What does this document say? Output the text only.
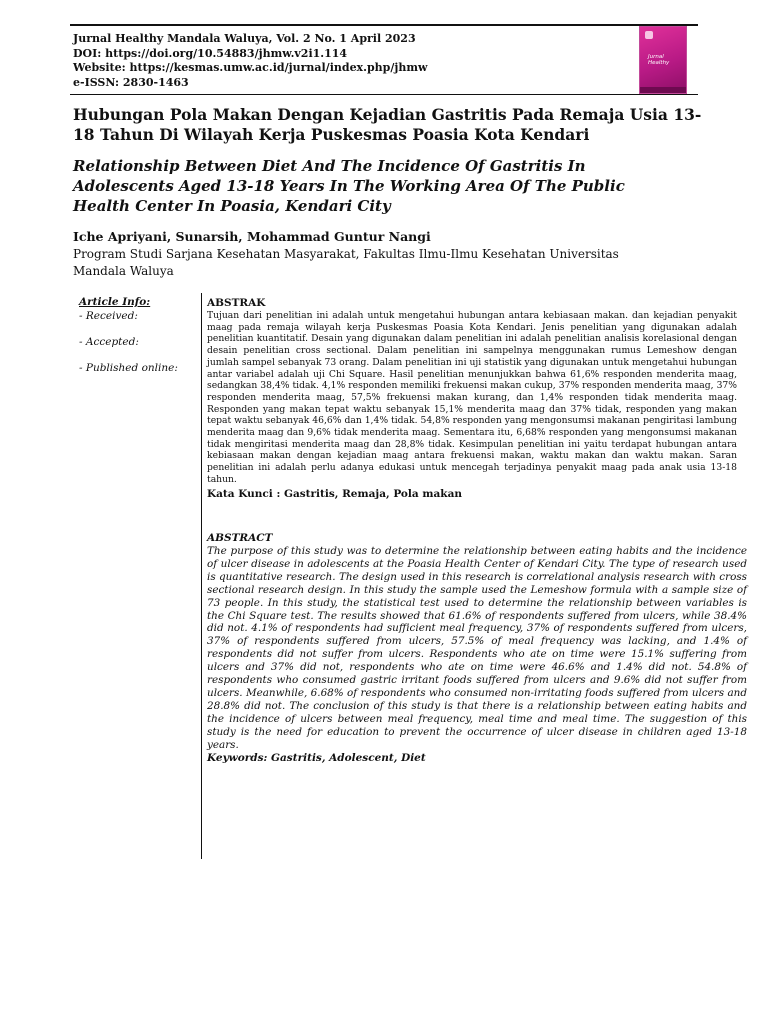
Jurnal Healthy Mandala Waluya, Vol. 2 No. 1 April 2023
DOI: https://doi.org/10.54883/jhmw.v2i1.114
Website: https://kesmas.umw.ac.id/jurnal/index.php/jhmw
e-ISSN: 2830-1463
Jurnal Healthy
Hubungan Pola Makan Dengan Kejadian Gastritis Pada Remaja Usia 13-18 Tahun Di Wilayah Kerja Puskesmas Poasia Kota Kendari
Relationship Between Diet And The Incidence Of Gastritis In Adolescents Aged 13-18 Years In The Working Area Of The Public Health Center In Poasia, Kendari City
Iche Apriyani, Sunarsih, Mohammad Guntur Nangi
Program Studi Sarjana Kesehatan Masyarakat, Fakultas Ilmu-Ilmu Kesehatan Universitas Mandala Waluya
Article Info:
- Received:
- Accepted:
- Published online:
ABSTRAK
Tujuan dari penelitian ini adalah untuk mengetahui hubungan antara kebiasaan makan. dan kejadian penyakit maag pada remaja wilayah kerja Puskesmas Poasia Kota Kendari. Jenis penelitian yang digunakan adalah penelitian kuantitatif. Desain yang digunakan dalam penelitian ini adalah penelitian analisis korelasional dengan desain penelitian cross sectional. Dalam penelitian ini sampelnya menggunakan rumus Lemeshow dengan jumlah sampel sebanyak 73 orang. Dalam penelitian ini uji statistik yang digunakan untuk mengetahui hubungan antar variabel adalah uji Chi Square. Hasil penelitian menunjukkan bahwa 61,6% responden menderita maag, sedangkan 38,4% tidak. 4,1% responden memiliki frekuensi makan cukup, 37% responden menderita maag, 37% responden menderita maag, 57,5% frekuensi makan kurang, dan 1,4% responden tidak menderita maag. Responden yang makan tepat waktu sebanyak 15,1% menderita maag dan 37% tidak, responden yang makan tepat waktu sebanyak 46,6% dan 1,4% tidak. 54,8% responden yang mengonsumsi makanan pengiritasi lambung menderita maag dan 9,6% tidak menderita maag. Sementara itu, 6,68% responden yang mengonsumsi makanan tidak mengiritasi menderita maag dan 28,8% tidak. Kesimpulan penelitian ini yaitu terdapat hubungan antara kebiasaan makan dengan kejadian maag antara frekuensi makan, waktu makan dan waktu makan. Saran penelitian ini adalah perlu adanya edukasi untuk mencegah terjadinya penyakit maag pada anak usia 13-18 tahun.
Kata Kunci : Gastritis, Remaja, Pola makan
ABSTRACT
The purpose of this study was to determine the relationship between eating habits and the incidence of ulcer disease in adolescents at the Poasia Health Center of Kendari City. The type of research used is quantitative research. The design used in this research is correlational analysis research with cross sectional research design. In this study the sample used the Lemeshow formula with a sample size of 73 people. In this study, the statistical test used to determine the relationship between variables is the Chi Square test. The results showed that 61.6% of respondents suffered from ulcers, while 38.4% did not. 4.1% of respondents had sufficient meal frequency, 37% of respondents suffered from ulcers, 37% of respondents suffered from ulcers, 57.5% of meal frequency was lacking, and 1.4% of respondents did not suffer from ulcers. Respondents who ate on time were 15.1% suffering from ulcers and 37% did not, respondents who ate on time were 46.6% and 1.4% did not. 54.8% of respondents who consumed gastric irritant foods suffered from ulcers and 9.6% did not suffer from ulcers. Meanwhile, 6.68% of respondents who consumed non-irritating foods suffered from ulcers and 28.8% did not. The conclusion of this study is that there is a relationship between eating habits and the incidence of ulcers between meal frequency, meal time and meal time. The suggestion of this study is the need for education to prevent the occurrence of ulcer disease in children aged 13-18 years.
Keywords: Gastritis, Adolescent, Diet
